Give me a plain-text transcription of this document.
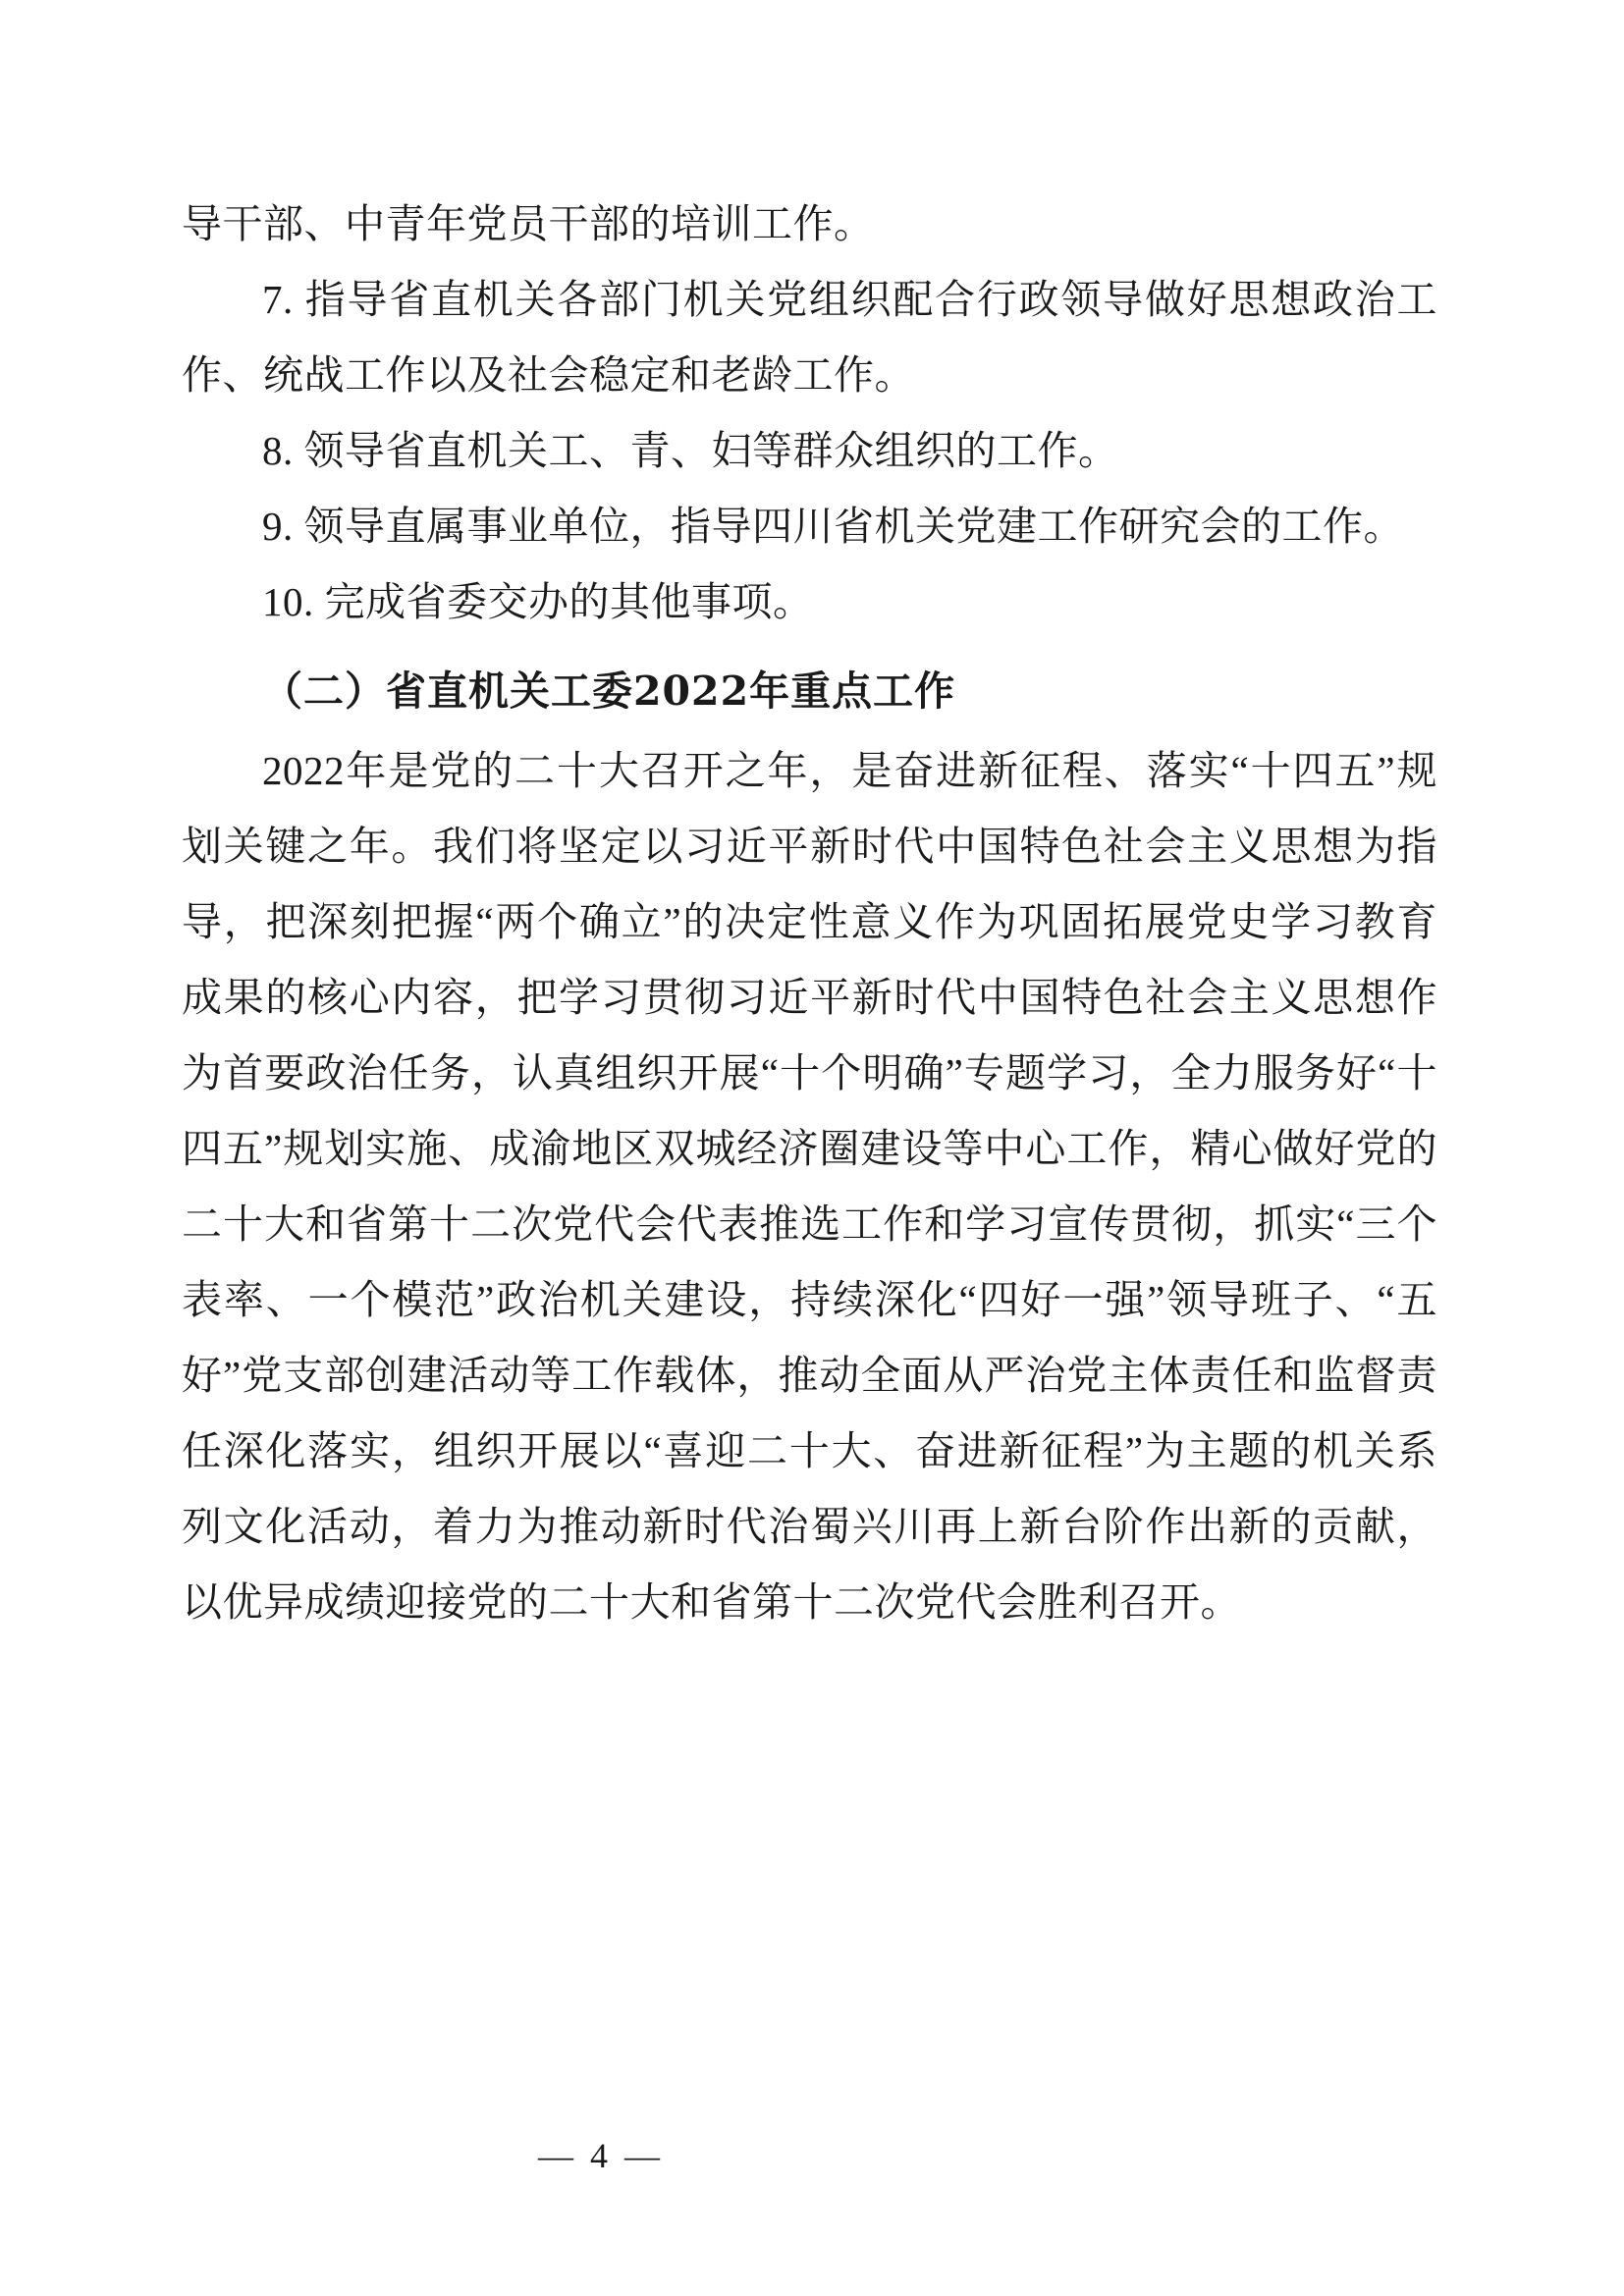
导干部、中青年党员干部的培训工作。

7. 指导省直机关各部门机关党组织配合行政领导做好思想政治工作、统战工作以及社会稳定和老龄工作。

8. 领导省直机关工、青、妇等群众组织的工作。

9. 领导直属事业单位，指导四川省机关党建工作研究会的工作。

10. 完成省委交办的其他事项。

（二）省直机关工委2022年重点工作

2022年是党的二十大召开之年，是奋进新征程、落实“十四五”规划关键之年。我们将坚定以习近平新时代中国特色社会主义思想为指导，把深刻把握“两个确立”的决定性意义作为巩固拓展党史学习教育成果的核心内容，把学习贯彻习近平新时代中国特色社会主义思想作为首要政治任务，认真组织开展“十个明确”专题学习，全力服务好“十四五”规划实施、成渝地区双城经济圈建设等中心工作，精心做好党的二十大和省第十二次党代会代表推选工作和学习宣传贯彻，抓实“三个表率、一个模范”政治机关建设，持续深化“四好一强”领导班子、“五好”党支部创建活动等工作载体，推动全面从严治党主体责任和监督责任深化落实，组织开展以“喜迎二十大、奋进新征程”为主题的机关系列文化活动，着力为推动新时代治蜀兴川再上新台阶作出新的贡献，以优异成绩迎接党的二十大和省第十二次党代会胜利召开。

— 4 —
